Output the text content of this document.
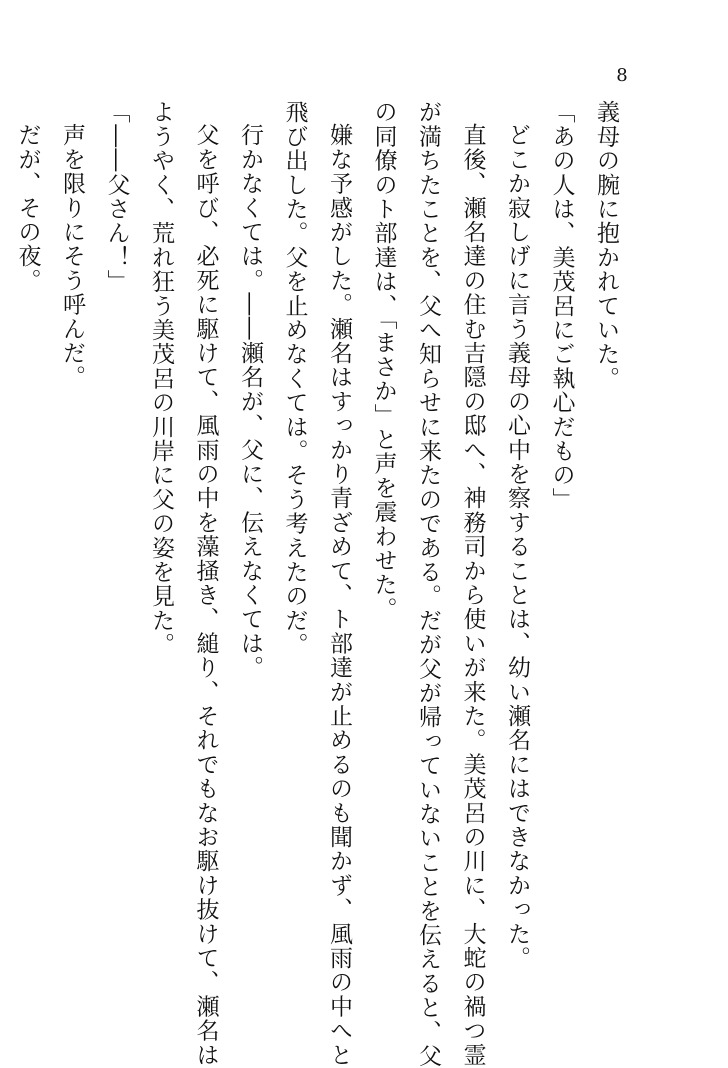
8
義母の腕に抱かれていた。
「あの人は、美茂呂にご執心だもの」
どこか寂しげに言う義母の心中を察することは、幼い瀬名にはできなかった。
直後、瀬名達の住む吉隠の邸へ、神務司から使いが来た。美茂呂の川に、大蛇の禍つ霊
が満ちたことを、父へ知らせに来たのである。だが父が帰っていないことを伝えると、父
の同僚のト部達は、「まさか」と声を震わせた。
嫌な予感がした。瀬名はすっかり青ざめて、ト部達が止めるのも聞かず、風雨の中へと
飛び出した。父を止めなくては。そう考えたのだ。
行かなくては。――瀬名が、父に、伝えなくては。
父を呼び、必死に駆けて、風雨の中を藻掻き、縋り、それでもなお駆け抜けて、瀬名は
ようやく、荒れ狂う美茂呂の川岸に父の姿を見た。
「――父さん！」
声を限りにそう呼んだ。
だが、その夜。
